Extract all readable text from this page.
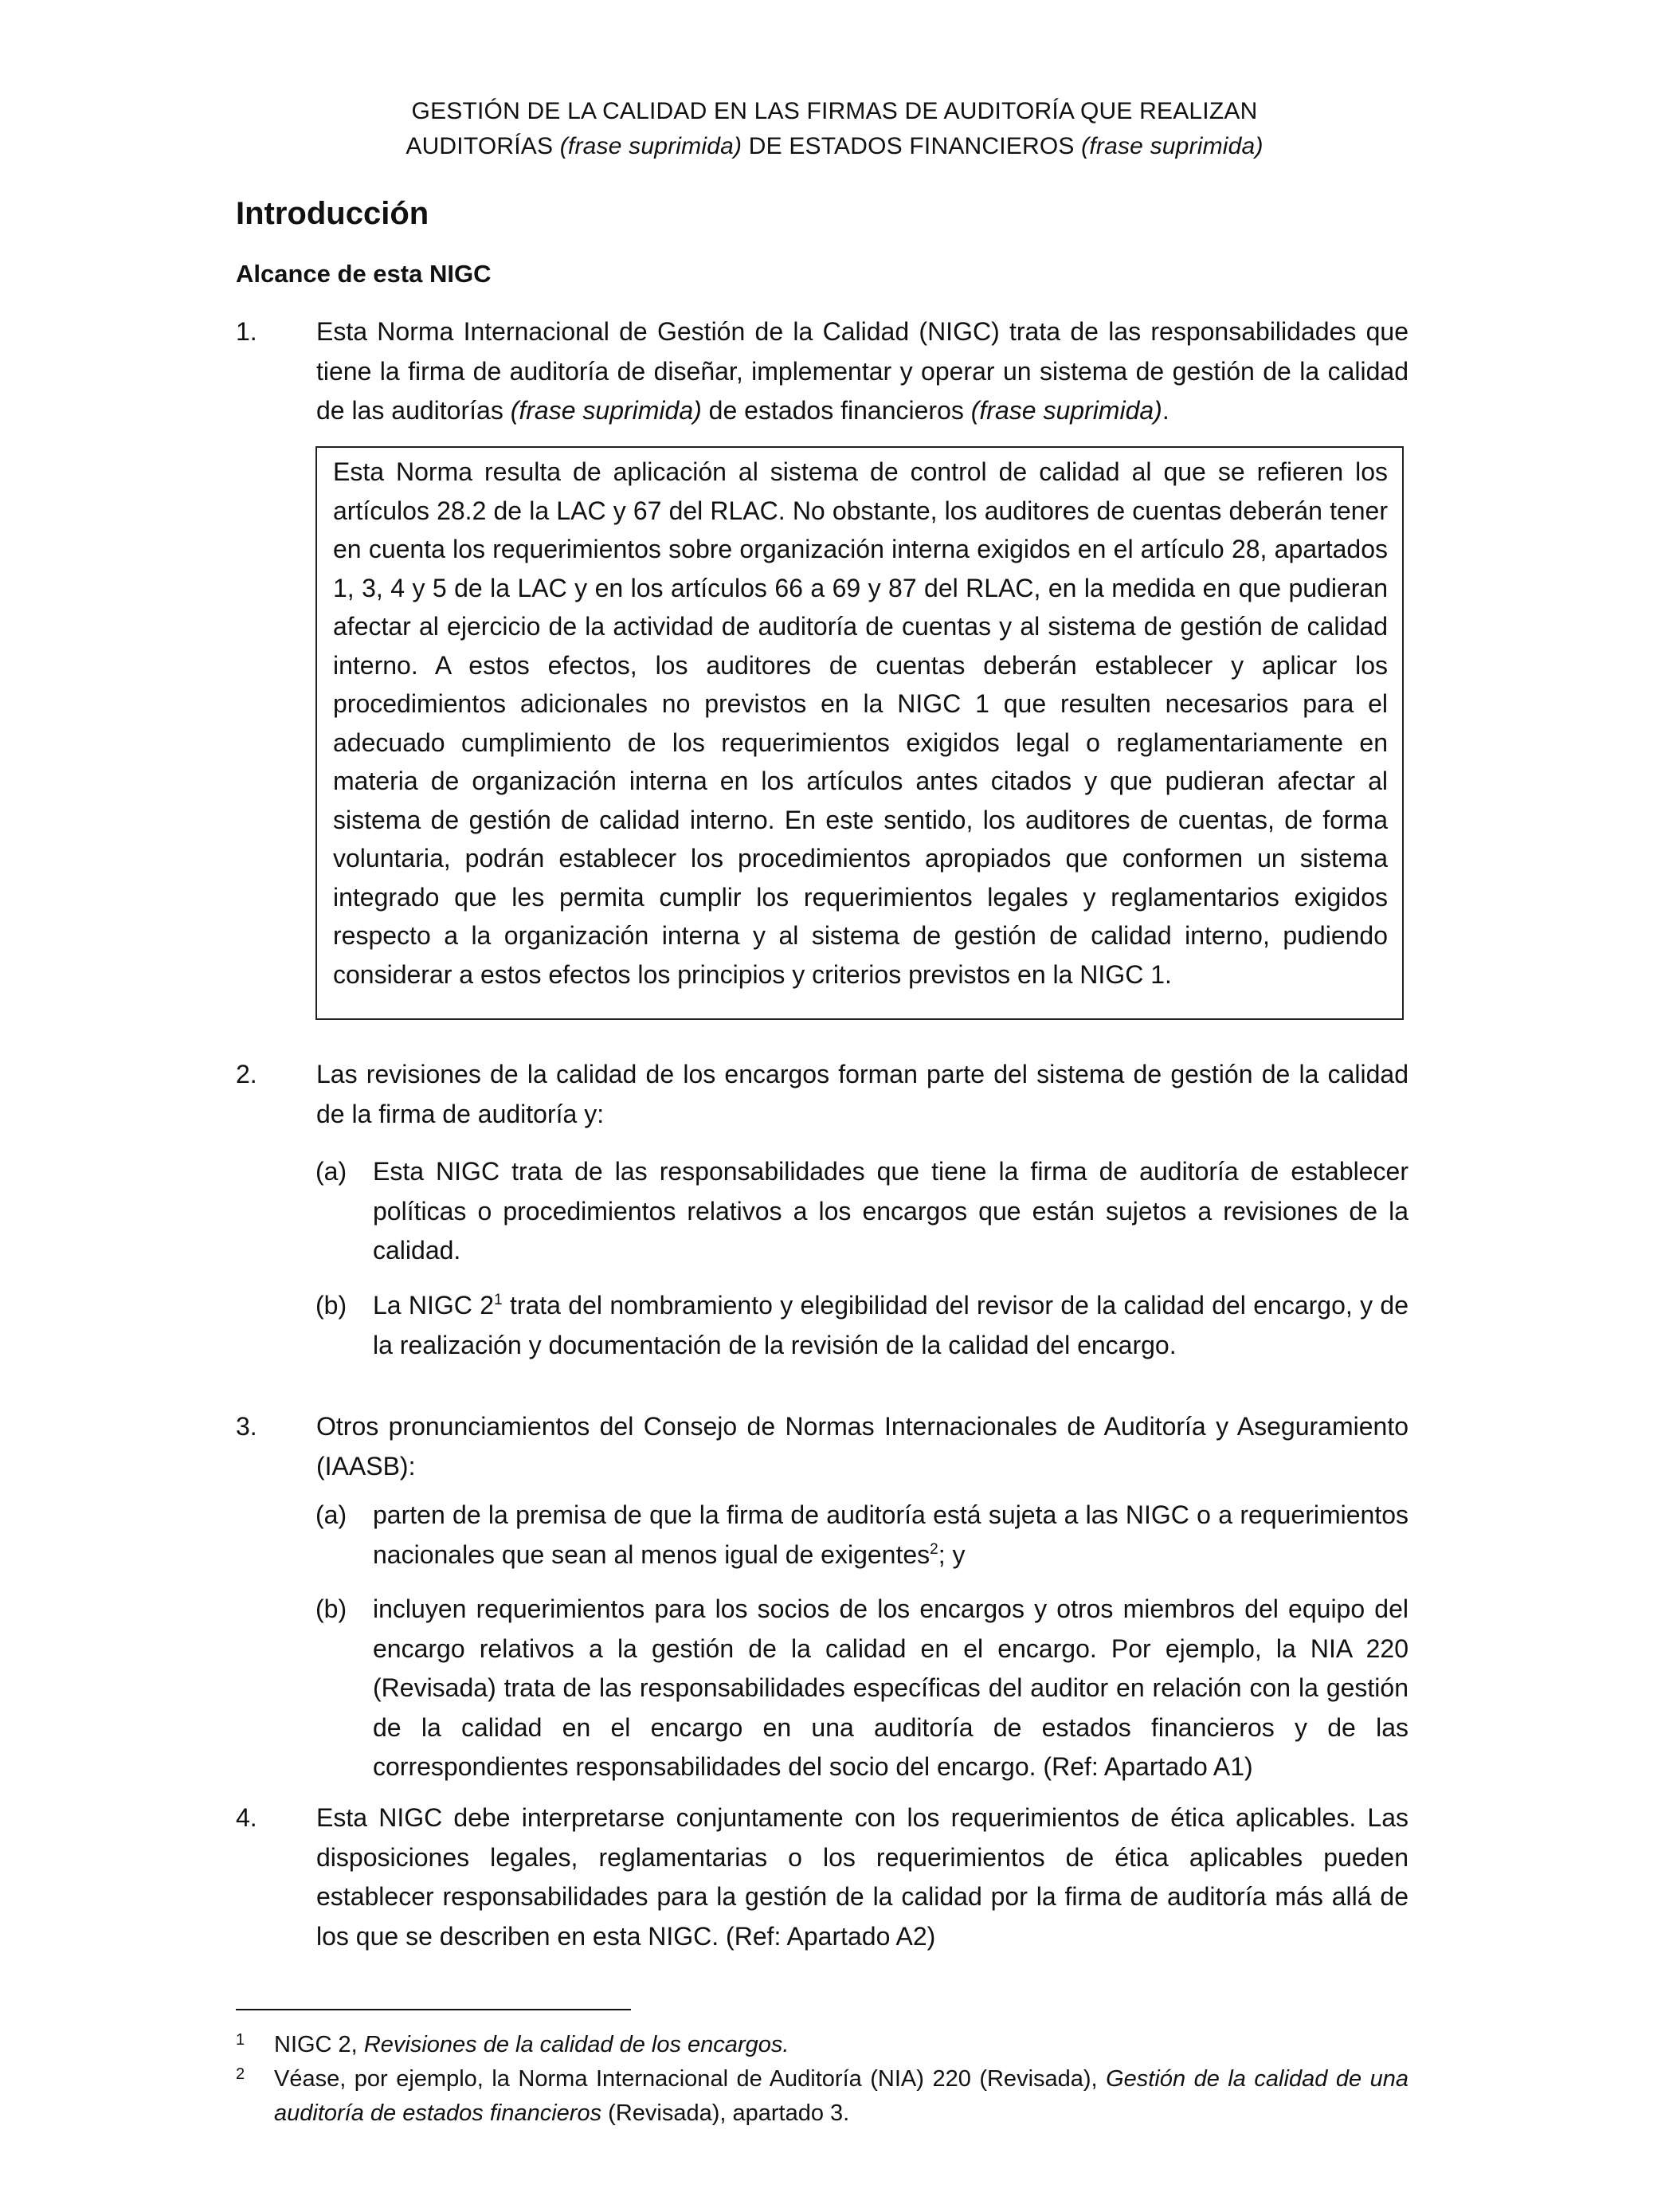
GESTIÓN DE LA CALIDAD EN LAS FIRMAS DE AUDITORÍA QUE REALIZAN
AUDITORÍAS (frase suprimida) DE ESTADOS FINANCIEROS (frase suprimida)
Introducción
Alcance de esta NIGC
1. Esta Norma Internacional de Gestión de la Calidad (NIGC) trata de las responsabilidades que tiene la firma de auditoría de diseñar, implementar y operar un sistema de gestión de la calidad de las auditorías (frase suprimida) de estados financieros (frase suprimida).
Esta Norma resulta de aplicación al sistema de control de calidad al que se refieren los artículos 28.2 de la LAC y 67 del RLAC. No obstante, los auditores de cuentas deberán tener en cuenta los requerimientos sobre organización interna exigidos en el artículo 28, apartados 1, 3, 4 y 5 de la LAC y en los artículos 66 a 69 y 87 del RLAC, en la medida en que pudieran afectar al ejercicio de la actividad de auditoría de cuentas y al sistema de gestión de calidad interno. A estos efectos, los auditores de cuentas deberán establecer y aplicar los procedimientos adicionales no previstos en la NIGC 1 que resulten necesarios para el adecuado cumplimiento de los requerimientos exigidos legal o reglamentariamente en materia de organización interna en los artículos antes citados y que pudieran afectar al sistema de gestión de calidad interno. En este sentido, los auditores de cuentas, de forma voluntaria, podrán establecer los procedimientos apropiados que conformen un sistema integrado que les permita cumplir los requerimientos legales y reglamentarios exigidos respecto a la organización interna y al sistema de gestión de calidad interno, pudiendo considerar a estos efectos los principios y criterios previstos en la NIGC 1.
2. Las revisiones de la calidad de los encargos forman parte del sistema de gestión de la calidad de la firma de auditoría y:
(a) Esta NIGC trata de las responsabilidades que tiene la firma de auditoría de establecer políticas o procedimientos relativos a los encargos que están sujetos a revisiones de la calidad.
(b) La NIGC $2^1$ trata del nombramiento y elegibilidad del revisor de la calidad del encargo, y de la realización y documentación de la revisión de la calidad del encargo.
3. Otros pronunciamientos del Consejo de Normas Internacionales de Auditoría y Aseguramiento (IAASB):
(a) parten de la premisa de que la firma de auditoría está sujeta a las NIGC o a requerimientos nacionales que sean al menos igual de exigentes$^2$; y
(b) incluyen requerimientos para los socios de los encargos y otros miembros del equipo del encargo relativos a la gestión de la calidad en el encargo. Por ejemplo, la NIA 220 (Revisada) trata de las responsabilidades específicas del auditor en relación con la gestión de la calidad en el encargo en una auditoría de estados financieros y de las correspondientes responsabilidades del socio del encargo. (Ref: Apartado A1)
4. Esta NIGC debe interpretarse conjuntamente con los requerimientos de ética aplicables. Las disposiciones legales, reglamentarias o los requerimientos de ética aplicables pueden establecer responsabilidades para la gestión de la calidad por la firma de auditoría más allá de los que se describen en esta NIGC. (Ref: Apartado A2)
1 NIGC 2, Revisiones de la calidad de los encargos.
2 Véase, por ejemplo, la Norma Internacional de Auditoría (NIA) 220 (Revisada), Gestión de la calidad de una auditoría de estados financieros (Revisada), apartado 3.
